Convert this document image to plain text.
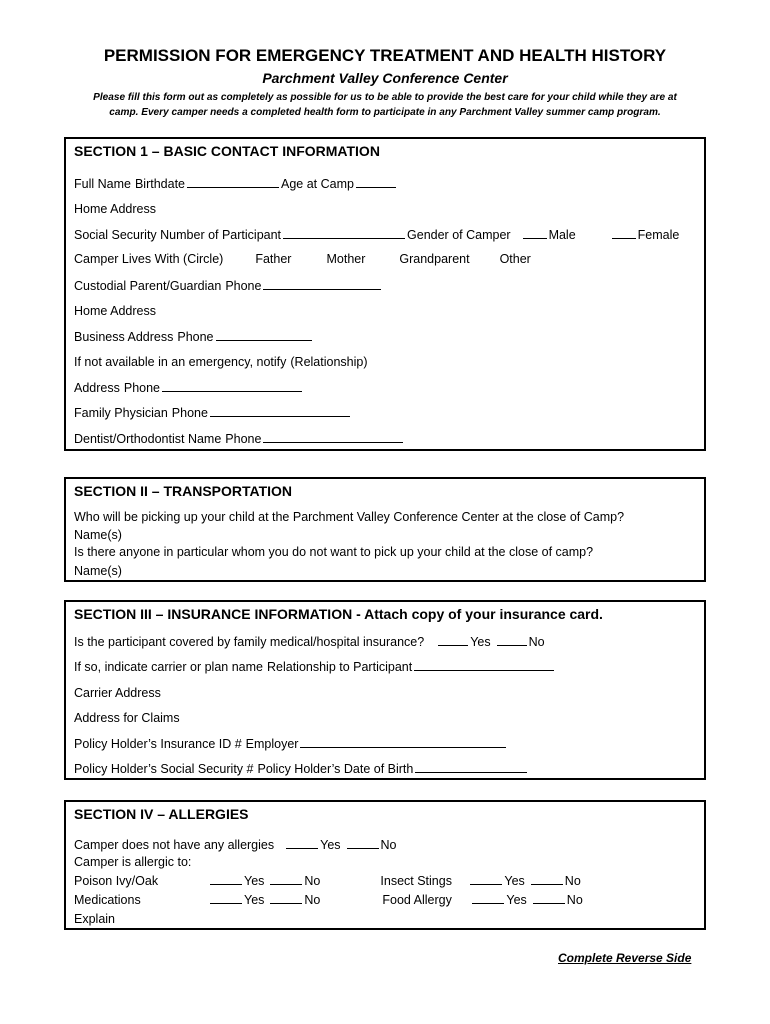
PERMISSION FOR EMERGENCY TREATMENT AND HEALTH HISTORY
Parchment Valley Conference Center
Please fill this form out as completely as possible for us to be able to provide the best care for your child while they are at
camp. Every camper needs a completed health form to participate in any Parchment Valley summer camp program.
SECTION 1 – BASIC CONTACT INFORMATION
Full Name Birthdate	Age at Camp
Home Address
Social Security Number of Participant	Gender of Camper	Male	Female
Camper Lives With (Circle)	Father	Mother	Grandparent Other
Custodial Parent/Guardian Phone
Home Address
Business Address Phone
If not available in an emergency, notify (Relationship)
Address Phone
Family Physician Phone
Dentist/Orthodontist Name Phone
SECTION II – TRANSPORTATION
Who will be picking up your child at the Parchment Valley Conference Center at the close of Camp?
Name(s)
Is there anyone in particular whom you do not want to pick up your child at the close of camp?
Name(s)
SECTION III – INSURANCE INFORMATION - Attach copy of your insurance card.
Is the participant covered by family medical/hospital insurance?	Yes	No
If so, indicate carrier or plan name Relationship to Participant
Carrier Address
Address for Claims
Policy Holder’s Insurance ID # Employer
Policy Holder’s Social Security # Policy Holder’s Date of Birth
SECTION IV – ALLERGIES
Camper does not have any allergies	Yes	No
Camper is allergic to:
Poison Ivy/Oak	Yes	No	Insect Stings	Yes	No
Medications	Yes	No	Food Allergy	Yes	No
Explain
Complete Reverse Side
